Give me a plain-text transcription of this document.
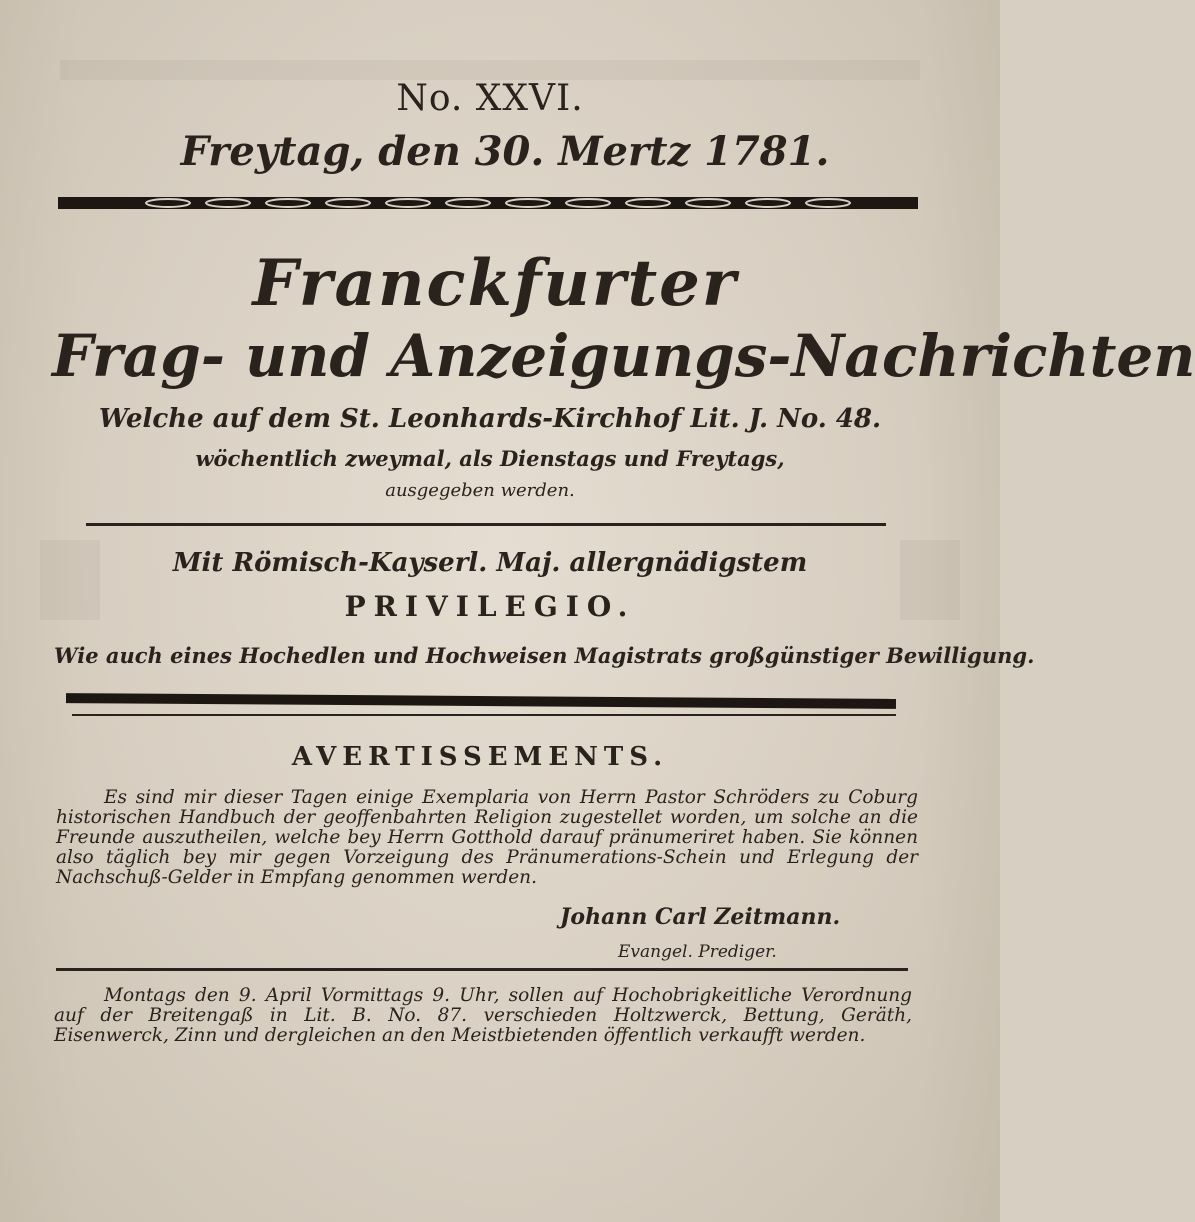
No. XXVI.
Freytag, den 30. Mertz 1781.
Franckfurter
Frag- und Anzeigungs-Nachrichten
Welche auf dem St. Leonhards-Kirchhof Lit. J. No. 48.
wöchentlich zweymal, als Dienstags und Freytags,
ausgegeben werden.
Mit Römisch-Kayserl. Maj. allergnädigstem
PRIVILEGIO.
Wie auch eines Hochedlen und Hochweisen Magistrats großgünstiger Bewilligung.
AVERTISSEMENTS.

Es sind mir dieser Tagen einige Exemplaria von Herrn Pastor Schröders zu Coburg historischen Handbuch der geoffenbahrten Religion zugestellet worden, um solche an die Freunde auszutheilen, welche bey Herrn Gotthold darauf pränumeriret haben. Sie können also täglich bey mir gegen Vorzeigung des Pränumerations-Schein und Erlegung der Nachschuß-Gelder in Empfang genommen werden.

Johann Carl Zeitmann.
Evangel. Prediger.

Montags den 9. April Vormittags 9. Uhr, sollen auf Hochobrigkeitliche Verordnung auf der Breitengaß in Lit. B. No. 87. verschieden Holtzwerck, Bettung, Geräth, Eisenwerck, Zinn und dergleichen an den Meistbietenden öffentlich verkaufft werden.
